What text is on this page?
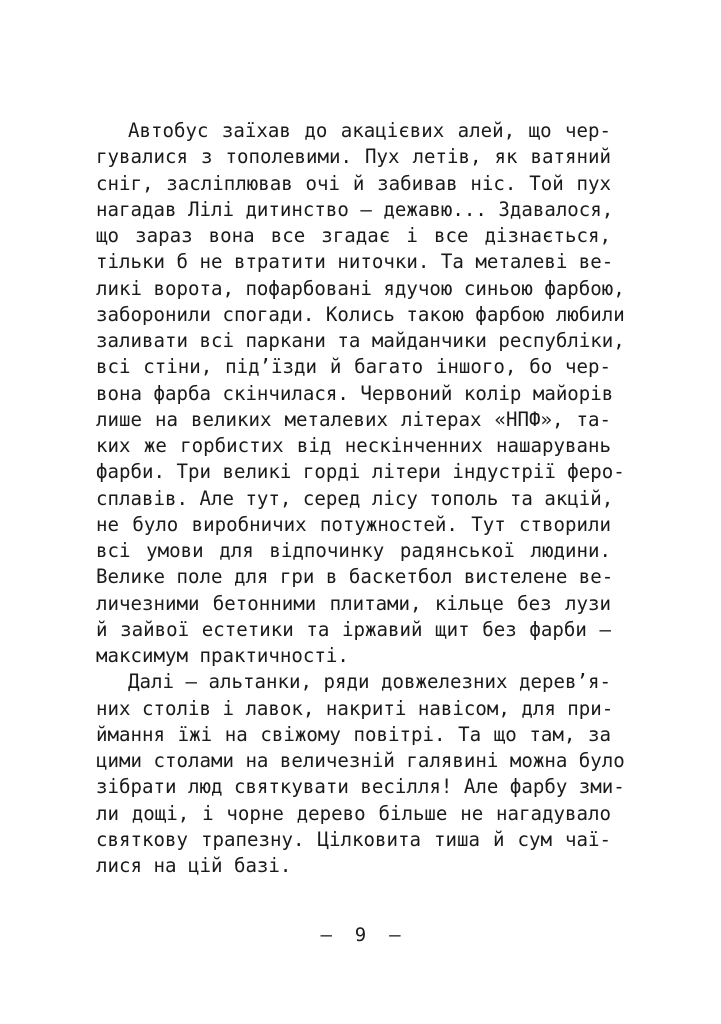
Автобус заїхав до акацієвих алей, що чер-
гувалися з тополевими. Пух летів, як ватяний
сніг, засліплював очі й забивав ніс. Той пух
нагадав Лілі дитинство — дежавю... Здавалося,
що зараз вона все згадає і все дізнається,
тільки б не втратити ниточки. Та металеві ве-
ликі ворота, пофарбовані ядучою синьою фарбою,
заборонили спогади. Колись такою фарбою любили
заливати всі паркани та майданчики республіки,
всі стіни, під’їзди й багато іншого, бо чер-
вона фарба скінчилася. Червоний колір майорів
лише на великих металевих літерах «НПФ», та-
ких же горбистих від нескінченних нашарувань
фарби. Три великі горді літери індустрії феро-
сплавів. Але тут, серед лісу тополь та акцій,
не було виробничих потужностей. Тут створили
всі умови для відпочинку радянської людини.
Велике поле для гри в баскетбол вистелене ве-
личезними бетонними плитами, кільце без лузи
й зайвої естетики та іржавий щит без фарби —
максимум практичності.
Далі — альтанки, ряди довжелезних дерев’я-
них столів і лавок, накриті навісом, для при-
ймання їжі на свіжому повітрі. Та що там, за
цими столами на величезній галявині можна було
зібрати люд святкувати весілля! Але фарбу зми-
ли дощі, і чорне дерево більше не нагадувало
святкову трапезну. Цілковита тиша й сум чаї-
лися на цій базі.
—  9  —
